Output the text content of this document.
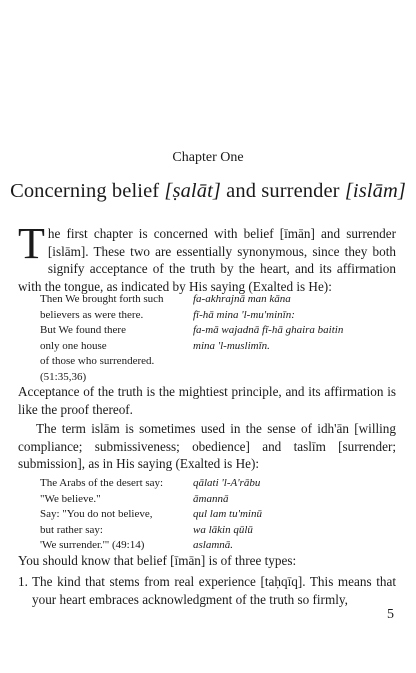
Chapter One
Concerning belief [ṣalāt] and surrender [islām]
The first chapter is concerned with belief [īmān] and surrender [islām]. These two are essentially synonymous, since they both signify acceptance of the truth by the heart, and its affirmation with the tongue, as indicated by His saying (Exalted is He):
Then We brought forth such
believers as were there.
But We found there
only one house
of those who surrendered.
(51:35,36)
fa-akhrajnā man kāna
fī-hā mina 'l-mu'minīn:
fa-mā wajadnā fī-hā ghaira baitin
mina 'l-muslimīn.
Acceptance of the truth is the mightiest principle, and its affirmation is like the proof thereof.
The term islām is sometimes used in the sense of idh'ān [willing compliance; submissiveness; obedience] and taslīm [surrender; submission], as in His saying (Exalted is He):
The Arabs of the desert say:
"We believe."
Say: "You do not believe,
but rather say:
'We surrender.'" (49:14)
qālati 'l-A'rābu
āmannā
qul lam tu'minū
wa lākin qūlū
aslamnā.
You should know that belief [īmān] is of three types:
1. The kind that stems from real experience [taḥqīq]. This means that your heart embraces acknowledgment of the truth so firmly,
5
